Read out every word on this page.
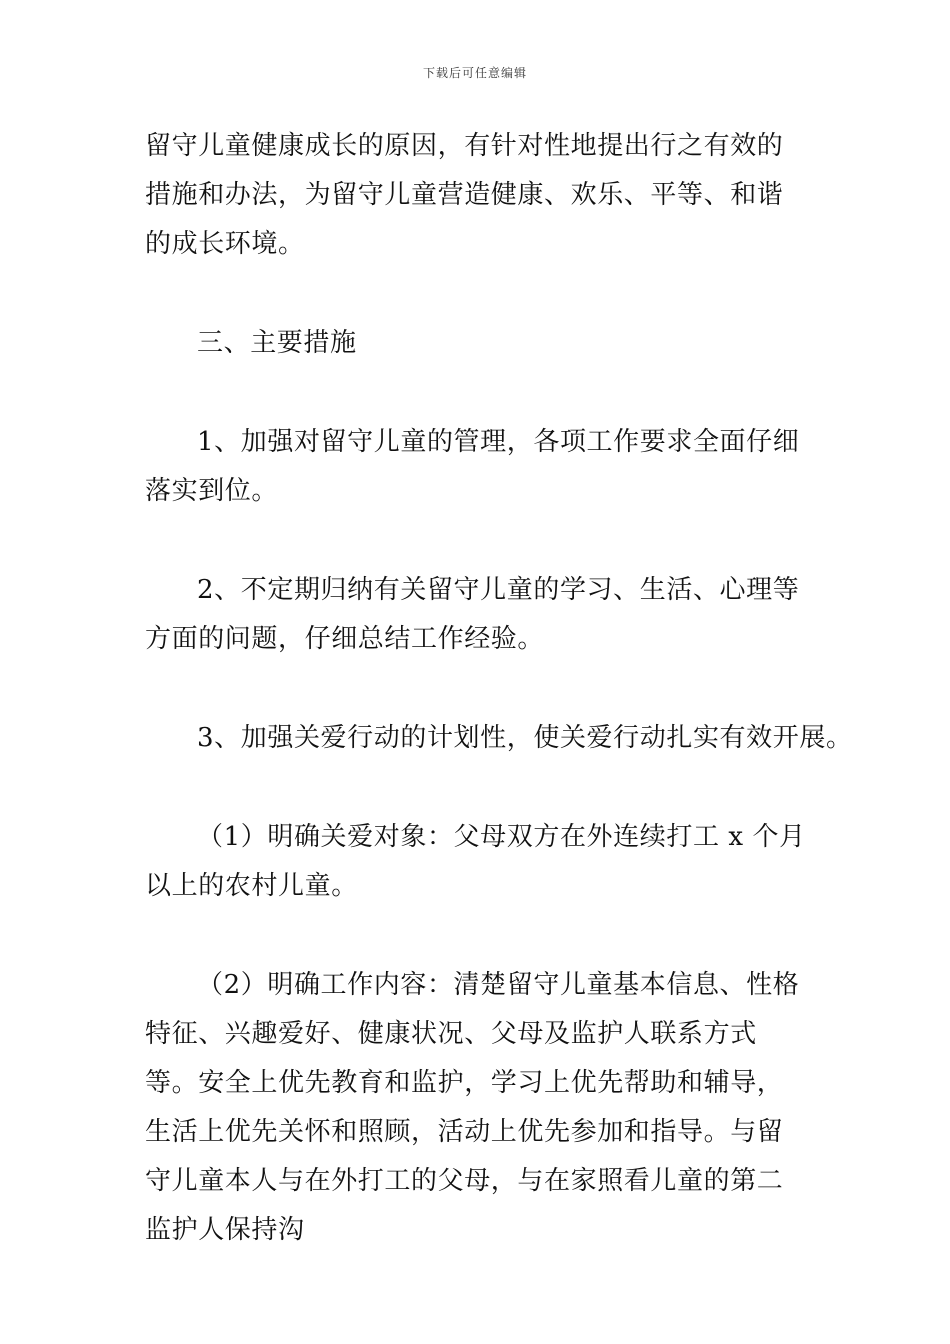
下载后可任意编辑

留守儿童健康成长的原因，有针对性地提出行之有效的措施和办法，为留守儿童营造健康、欢乐、平等、和谐的成长环境。

三、主要措施

1、加强对留守儿童的管理，各项工作要求全面仔细落实到位。

2、不定期归纳有关留守儿童的学习、生活、心理等方面的问题，仔细总结工作经验。

3、加强关爱行动的计划性，使关爱行动扎实有效开展。

（1）明确关爱对象：父母双方在外连续打工 x 个月以上的农村儿童。

（2）明确工作内容：清楚留守儿童基本信息、性格特征、兴趣爱好、健康状况、父母及监护人联系方式等。安全上优先教育和监护，学习上优先帮助和辅导，生活上优先关怀和照顾，活动上优先参加和指导。与留守儿童本人与在外打工的父母，与在家照看儿童的第二监护人保持沟
